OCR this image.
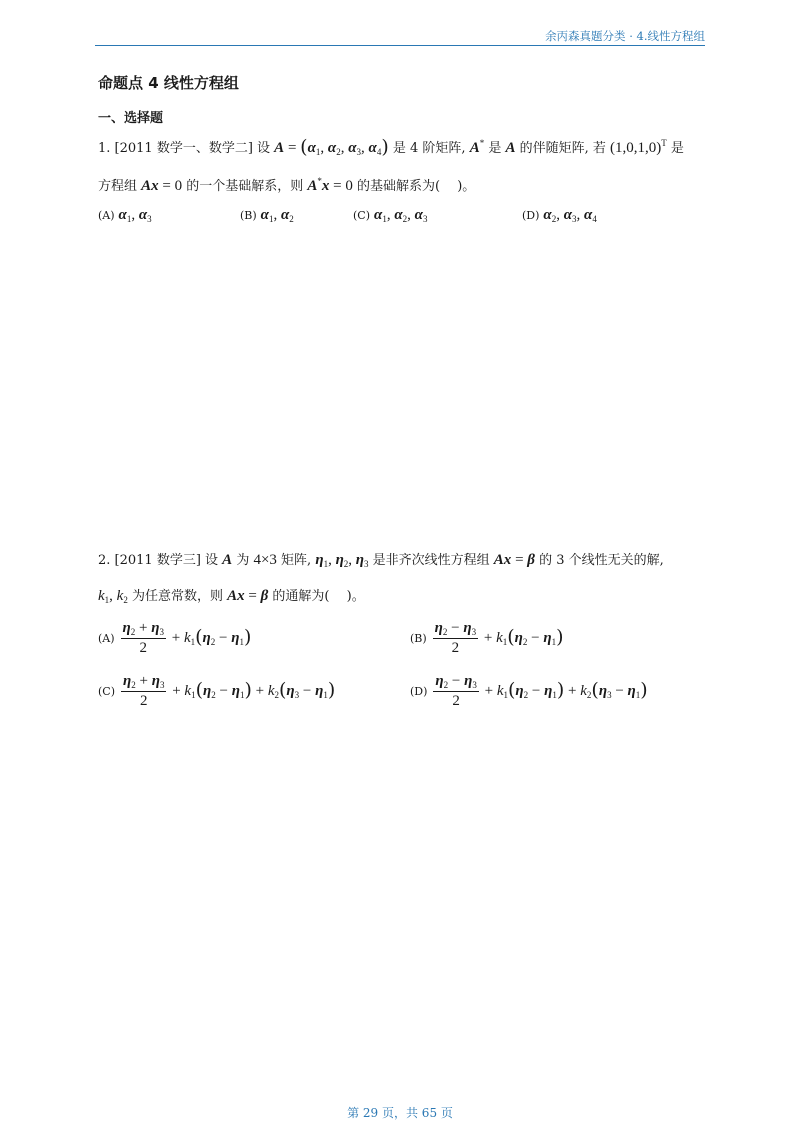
余丙森真题分类 · 4.线性方程组
命题点 4 线性方程组
一、选择题
1. [2011 数学一、数学二] 设 $A = (\alpha_1$, $\alpha_2$, $\alpha_3$, $\alpha_4$) 是 4 阶矩阵, A* 是 A 的伴随矩阵, 若 $(1,0,1,0)^T$ 是
方程组 Ax = 0 的一个基础解系，则 A*x = 0 的基础解系为(　 )。
(A) $\alpha_1$, $\alpha_3$	(B) $\alpha_1$, $\alpha_2$	(C) $\alpha_1$, $\alpha_2$, $\alpha_3$	(D) $\alpha_2$, $\alpha_3$, $\alpha_4$
2. [2011 数学三] 设 A 为 4×3 矩阵, $\eta_1$, $\eta_2$, $\eta_3$ 是非齐次线性方程组 Ax = β 的 3 个线性无关的解,
$k_1$, $k_2$ 为任意常数，则 Ax = β 的通解为(　 )。
$(A) \frac{\eta_2 + \eta_3}{2} + k_1(\eta_2 - \eta_1)$	$(B) \frac{\eta_2 - \eta_3}{2} + k_1(\eta_2 - \eta_1)$
$(C) \frac{\eta_2 + \eta_3}{2} + k_1(\eta_2 - \eta_1) + k_2(\eta_3 - \eta_1)$	$(D) \frac{\eta_2 - \eta_3}{2} + k_1(\eta_2 - \eta_1) + k_2(\eta_3 - \eta_1)$
第 29 页，共 65 页
